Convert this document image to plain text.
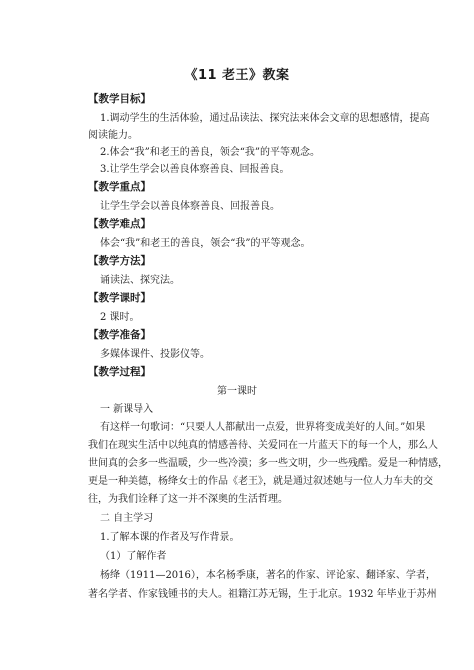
《11 老王》教案
【教学目标】
1.调动学生的生活体验，通过品读法、探究法来体会文章的思想感情，提高
阅读能力。
2.体会“我”和老王的善良，领会“我”的平等观念。
3.让学生学会以善良体察善良、回报善良。
【教学重点】
让学生学会以善良体察善良、回报善良。
【教学难点】
体会“我”和老王的善良，领会“我”的平等观念。
【教学方法】
诵读法、探究法。
【教学课时】
2 课时。
【教学准备】
多媒体课件、投影仪等。
【教学过程】
第一课时
一 新课导入
有这样一句歌词：“只要人人都献出一点爱，世界将变成美好的人间。”如果
我们在现实生活中以纯真的情感善待、关爱同在一片蓝天下的每一个人，那么人
世间真的会多一些温暖，少一些冷漠；多一些文明，少一些残酷。爱是一种情感，
更是一种美德，杨绛女士的作品《老王》，就是通过叙述她与一位人力车夫的交
往，为我们诠释了这一并不深奥的生活哲理。
二 自主学习
1.了解本课的作者及写作背景。
（1）了解作者
杨绛（1911—2016），本名杨季康，著名的作家、评论家、翻译家、学者，
著名学者、作家钱锺书的夫人。祖籍江苏无锡，生于北京。1932 年毕业于苏州
